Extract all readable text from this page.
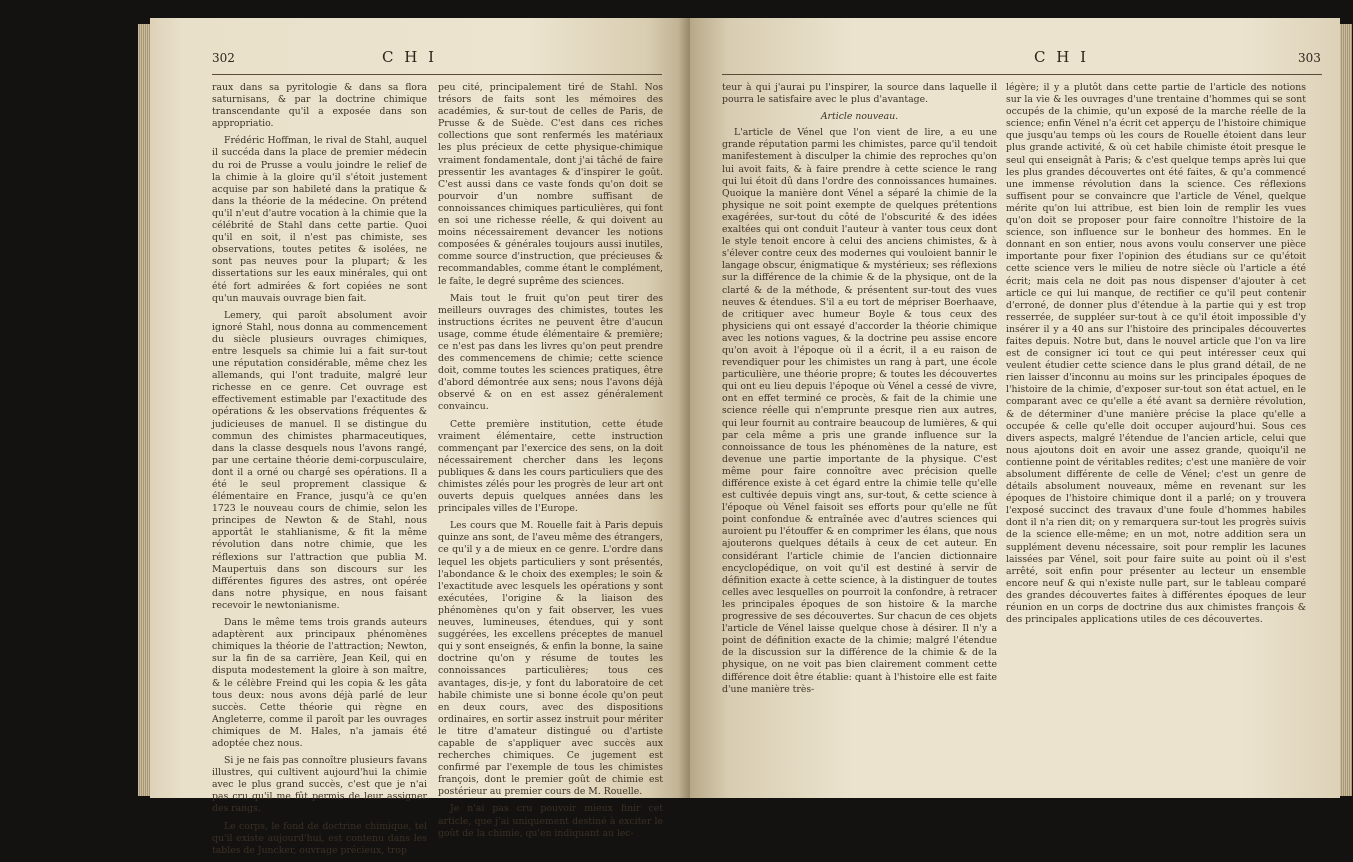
302	C H I

raux dans sa pyritologie & dans sa flora saturnisans, & par la doctrine chimique transcendante qu'il a exposée dans son appropriatio.

Frédéric Hoffman, le rival de Stahl, auquel il succéda dans la place de premier médecin du roi de Prusse a voulu joindre le relief de la chimie à la gloire qu'il s'étoit justement acquise par son habileté dans la pratique & dans la théorie de la médecine. On prétend qu'il n'eut d'autre vocation à la chimie que la célébrité de Stahl dans cette partie. Quoi qu'il en soit, il n'est pas chimiste, ses observations, toutes petites & isolées, ne sont pas neuves pour la plupart; & les dissertations sur les eaux minérales, qui ont été fort admirées & fort copiées ne sont qu'un mauvais ouvrage bien fait.

Lemery, qui paroît absolument avoir ignoré Stahl, nous donna au commencement du siècle plusieurs ouvrages chimiques, entre lesquels sa chimie lui a fait sur-tout une réputation considérable, même chez les allemands, qui l'ont traduite, malgré leur richesse en ce genre. Cet ouvrage est effectivement estimable par l'exactitude des opérations & les observations fréquentes & judicieuses de manuel. Il se distingue du commun des chimistes pharmaceutiques, dans la classe desquels nous l'avons rangé, par une certaine théorie demi-corpusculaire, dont il a orné ou chargé ses opérations. Il a été le seul proprement classique & élémentaire en France, jusqu'à ce qu'en 1723 le nouveau cours de chimie, selon les principes de Newton & de Stahl, nous apportât le stahlianisme, & fit la même révolution dans notre chimie, que les réflexions sur l'attraction que publia M. Maupertuis dans son discours sur les différentes figures des astres, ont opérée dans notre physique, en nous faisant recevoir le newtonianisme.

Dans le même tems trois grands auteurs adaptèrent aux principaux phénomènes chimiques la théorie de l'attraction; Newton, sur la fin de sa carrière, Jean Keil, qui en disputa modestement la gloire à son maître, & le célèbre Freind qui les copia & les gâta tous deux: nous avons déjà parlé de leur succès. Cette théorie qui règne en Angleterre, comme il paroît par les ouvrages chimiques de M. Hales, n'a jamais été adoptée chez nous.

Si je ne fais pas connoître plusieurs favans illustres, qui cultivent aujourd'hui la chimie avec le plus grand succès, c'est que je n'ai pas cru qu'il me fût permis de leur assigner des rangs.

Le corps, le fond de doctrine chimique, tel qu'il existe aujourd'hui, est contenu dans les tables de Juncker, ouvrage précieux, trop

peu cité, principalement tiré de Stahl. Nos trésors de faits sont les mémoires des académies, & sur-tout de celles de Paris, de Prusse & de Suède. C'est dans ces riches collections que sont renfermés les matériaux les plus précieux de cette physique-chimique vraiment fondamentale, dont j'ai tâché de faire pressentir les avantages & d'inspirer le goût. C'est aussi dans ce vaste fonds qu'on doit se pourvoir d'un nombre suffisant de connoissances chimiques particulières, qui font en soi une richesse réelle, & qui doivent au moins nécessairement devancer les notions composées & générales toujours aussi inutiles, comme source d'instruction, que précieuses & recommandables, comme étant le complément, le faîte, le degré suprême des sciences.

Mais tout le fruit qu'on peut tirer des meilleurs ouvrages des chimistes, toutes les instructions écrites ne peuvent être d'aucun usage, comme étude élémentaire & première; ce n'est pas dans les livres qu'on peut prendre des commencemens de chimie; cette science doit, comme toutes les sciences pratiques, être d'abord démontrée aux sens; nous l'avons déjà observé & on en est assez généralement convaincu.

Cette première institution, cette étude vraiment élémentaire, cette instruction commençant par l'exercice des sens, on la doit nécessairement chercher dans les leçons publiques & dans les cours particuliers que des chimistes zélés pour les progrès de leur art ont ouverts depuis quelques années dans les principales villes de l'Europe.

Les cours que M. Rouelle fait à Paris depuis quinze ans sont, de l'aveu même des étrangers, ce qu'il y a de mieux en ce genre. L'ordre dans lequel les objets particuliers y sont présentés, l'abondance & le choix des exemples; le soin & l'exactitude avec lesquels les opérations y sont exécutées, l'origine & la liaison des phénomènes qu'on y fait observer, les vues neuves, lumineuses, étendues, qui y sont suggérées, les excellens préceptes de manuel qui y sont enseignés, & enfin la bonne, la saine doctrine qu'on y résume de toutes les connoissances particulières; tous ces avantages, dis-je, y font du laboratoire de cet habile chimiste une si bonne école qu'on peut en deux cours, avec des dispositions ordinaires, en sortir assez instruit pour mériter le titre d'amateur distingué ou d'artiste capable de s'appliquer avec succès aux recherches chimiques. Ce jugement est confirmé par l'exemple de tous les chimistes françois, dont le premier goût de chimie est postérieur au premier cours de M. Rouelle.

Je n'ai pas cru pouvoir mieux finir cet article, que j'ai uniquement destiné à exciter le goût de la chimie, qu'en indiquant au lec-

C H I	303

teur à qui j'aurai pu l'inspirer, la source dans laquelle il pourra le satisfaire avec le plus d'avantage.

Article nouveau.

L'article de Vénel que l'on vient de lire, a eu une grande réputation parmi les chimistes, parce qu'il tendoit manifestement à disculper la chimie des reproches qu'on lui avoit faits, & à faire prendre à cette science le rang qui lui étoit dû dans l'ordre des connoissances humaines. Quoique la manière dont Vénel a séparé la chimie de la physique ne soit point exempte de quelques prétentions exagérées, sur-tout du côté de l'obscurité & des idées exaltées qui ont conduit l'auteur à vanter tous ceux dont le style tenoit encore à celui des anciens chimistes, & à s'élever contre ceux des modernes qui vouloient bannir le langage obscur, énigmatique & mystérieux; ses réflexions sur la différence de la chimie & de la physique, ont de la clarté & de la méthode, & présentent sur-tout des vues neuves & étendues. S'il a eu tort de mépriser Boerhaave, de critiquer avec humeur Boyle & tous ceux des physiciens qui ont essayé d'accorder la théorie chimique avec les notions vagues, & la doctrine peu assise encore qu'on avoit à l'époque où il a écrit, il a eu raison de revendiquer pour les chimistes un rang à part, une école particulière, une théorie propre; & toutes les découvertes qui ont eu lieu depuis l'époque où Vénel a cessé de vivre, ont en effet terminé ce procès, & fait de la chimie une science réelle qui n'emprunte presque rien aux autres, qui leur fournit au contraire beaucoup de lumières, & qui par cela même a pris une grande influence sur la connoissance de tous les phénomènes de la nature, est devenue une partie importante de la physique. C'est même pour faire connoître avec précision quelle différence existe à cet égard entre la chimie telle qu'elle est cultivée depuis vingt ans, sur-tout, & cette science à l'époque où Vénel faisoit ses efforts pour qu'elle ne fût point confondue & entraînée avec d'autres sciences qui auroient pu l'étouffer & en comprimer les élans, que nous ajouterons quelques détails à ceux de cet auteur. En considérant l'article chimie de l'ancien dictionnaire encyclopédique, on voit qu'il est destiné à servir de définition exacte à cette science, à la distinguer de toutes celles avec lesquelles on pourroit la confondre, à retracer les principales époques de son histoire & la marche progressive de ses découvertes. Sur chacun de ces objets l'article de Vénel laisse quelque chose à désirer. Il n'y a point de définition exacte de la chimie; malgré l'étendue de la discussion sur la différence de la chimie & de la physique, on ne voit pas bien clairement comment cette différence doit être établie: quant à l'histoire elle est faite d'une manière très-

légère; il y a plutôt dans cette partie de l'article des notions sur la vie & les ouvrages d'une trentaine d'hommes qui se sont occupés de la chimie, qu'un exposé de la marche réelle de la science; enfin Vénel n'a écrit cet apperçu de l'histoire chimique que jusqu'au temps où les cours de Rouelle étoient dans leur plus grande activité, & où cet habile chimiste étoit presque le seul qui enseignât à Paris; & c'est quelque temps après lui que les plus grandes découvertes ont été faites, & qu'a commencé une immense révolution dans la science. Ces réflexions suffisent pour se convaincre que l'article de Vénel, quelque mérite qu'on lui attribue, est bien loin de remplir les vues qu'on doit se proposer pour faire connoître l'histoire de la science, son influence sur le bonheur des hommes. En le donnant en son entier, nous avons voulu conserver une pièce importante pour fixer l'opinion des étudians sur ce qu'étoit cette science vers le milieu de notre siècle où l'article a été écrit; mais cela ne doit pas nous dispenser d'ajouter à cet article ce qui lui manque, de rectifier ce qu'il peut contenir d'erroné, de donner plus d'étendue à la partie qui y est trop resserrée, de suppléer sur-tout à ce qu'il étoit impossible d'y insérer il y a 40 ans sur l'histoire des principales découvertes faites depuis. Notre but, dans le nouvel article que l'on va lire est de consigner ici tout ce qui peut intéresser ceux qui veulent étudier cette science dans le plus grand détail, de ne rien laisser d'inconnu au moins sur les principales époques de l'histoire de la chimie, d'exposer sur-tout son état actuel, en le comparant avec ce qu'elle a été avant sa dernière révolution, & de déterminer d'une manière précise la place qu'elle a occupée & celle qu'elle doit occuper aujourd'hui. Sous ces divers aspects, malgré l'étendue de l'ancien article, celui que nous ajoutons doit en avoir une assez grande, quoiqu'il ne contienne point de véritables redites; c'est une manière de voir absolument différente de celle de Vénel; c'est un genre de détails absolument nouveaux, même en revenant sur les époques de l'histoire chimique dont il a parlé; on y trouvera l'exposé succinct des travaux d'une foule d'hommes habiles dont il n'a rien dit; on y remarquera sur-tout les progrès suivis de la science elle-même; en un mot, notre addition sera un supplément devenu nécessaire, soit pour remplir les lacunes laissées par Vénel, soit pour faire suite au point où il s'est arrêté, soit enfin pour présenter au lecteur un ensemble encore neuf & qui n'existe nulle part, sur le tableau comparé des grandes découvertes faites à différentes époques de leur réunion en un corps de doctrine dus aux chimistes françois & des principales applications utiles de ces découvertes.
